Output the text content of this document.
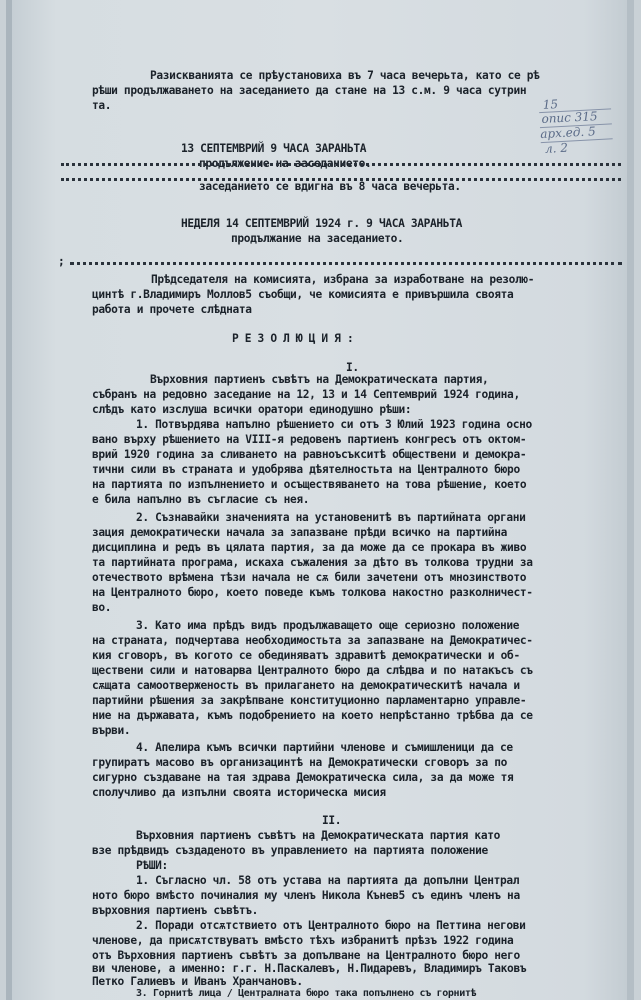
Разискванията се прѣустановиха въ 7 часа вечерьта, като се рѣ
рѣши продължаването на заседанието да стане на 13 с.м. 9 часа сутрин
та.	15
опис 315
арх.ед. 5
л. 2
13 СЕПТЕМВРИЙ 9 ЧАСА ЗАРАНЬТА
продължение на заседанието.
заседанието се вдигна въ 8 часа вечерьта.
НЕДЕЛЯ 14 СЕПТЕМВРИЙ 1924 г. 9 ЧАСА ЗАРАНЬТА
продължание на заседанието.
;
Прѣдседателя на комисията, избрана за изработване на резолю-
цинтѣ г.Владимиръ Моллов5 съобщи, че комисията е привършила своята
работа и прочете слѣдната
Р Е З О Л Ю Ц И Я :
I.
Върховния партиенъ съвѣтъ на Демократическата партия,
събранъ на редовно заседание на 12, 13 и 14 Септемврий 1924 година,
слѣдъ като изслуша всички оратори единодушно рѣши:
1. Потвърдява напълно рѣшението си отъ 3 Юлий 1923 година осно
вано върху рѣшението на VIII-я редовенъ партиенъ конгресъ отъ октом-
врий 1920 година за сливането на равноъсъкситѣ обществени и демокра-
тични сили въ страната и удобрява дѣятелностьта на Централното бюро
на партията по изпълнението и осъществяването на това рѣшение, което
е била напълно въ съгласие съ нея.
2. Съзнавайки значенията на установенитѣ въ партийната органи
зация демократически начала за запазване прѣди всичко на партийна
дисциплина и редъ въ цялата партия, за да може да се прокара въ живо
та партийната програма, искаха съжаления за дѣто въ толкова трудни за
отечеството врѣмена тѣзи начала не сѫ били зачетени отъ мнозинството
на Централното бюро, което поведе къмъ толкова накостно разколничест-
во.
3. Като има прѣдъ видъ продължаващето още сериозно положение
на страната, подчертава необходимостьта за запазване на Демократичес-
кия сговоръ, въ когото се обединяватъ здравитѣ демократически и об-
ществени сили и натоварва Централното бюро да слѣдва и по натакъсъ съ
сѫщата самоотверженость въ прилагането на демократическитѣ начала и
партийни рѣшения за закрѣпване конституционно парламентарно управле-
ние на държавата, къмъ подобрението на което непрѣстанно трѣбва да се
върви.
4. Апелира къмъ всички партийни членове и съмишленици да се
групиратъ масово въ организацинтѣ на Демократически сговоръ за по
сигурно създаване на тая здрава Демократическа сила, за да може тя
сполучливо да изпълни своята историческа мисия
II.
Върховния партиенъ съвѣтъ на Демократическата партия като
взе прѣдвидъ създаденото въ управлението на партията положение
РѢШИ:
1. Съгласно чл. 58 отъ устава на партията да допълни Централ
ното бюро вмѣсто починалия му членъ Никола Кънев5 съ единъ членъ на
върховния партиенъ съвѣтъ.
2. Поради отсѫтствието отъ Централното бюро на Петтина негови
членове, да присѫтствуватъ вмѣсто тѣхъ избранитѣ прѣзъ 1922 година
отъ Върховния партиенъ съвѣтъ за допълване на Централното бюро него
ви членове, а именно: г.г. Н.Паскалевъ, Н.Пидаревъ, Владимиръ Таковъ
Петко Галиевъ и Иванъ Хранчановъ.
3. Горнитѣ лица / Централната бюро така попълнено съ горнитѣ
